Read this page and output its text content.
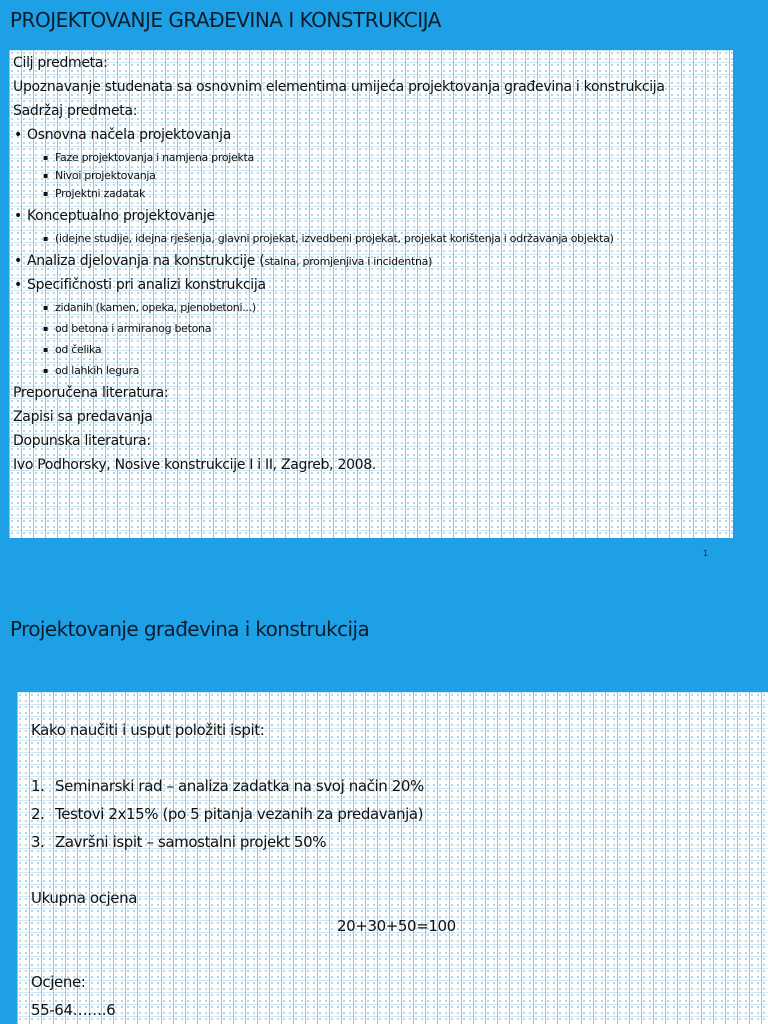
PROJEKTOVANJE GRAĐEVINA I KONSTRUKCIJA
Cilj predmeta:
Upoznavanje studenata sa osnovnim elementima umijeća projektovanja građevina i konstrukcija
Sadržaj predmeta:
• Osnovna načela projektovanja
▪ Faze projektovanja i namjena projekta
▪ Nivoi projektovanja
▪ Projektni zadatak
• Konceptualno projektovanje
▪ (idejne studije, idejna rješenja, glavni projekat, izvedbeni projekat, projekat korištenja i održavanja objekta)
• Analiza djelovanja na konstrukcije (stalna, promjenjiva i incidentna)
• Specifičnosti pri analizi konstrukcija
▪ zidanih (kamen, opeka, pjenobetoni...)
▪ od betona i armiranog betona
▪ od čelika
▪ od lahkih legura
Preporučena literatura:
Zapisi sa predavanja
Dopunska literatura:
Ivo Podhorsky, Nosive konstrukcije I i II, Zagreb, 2008.
1
Projektovanje građevina i konstrukcija
Kako naučiti i usput položiti ispit:
1. Seminarski rad – analiza zadatka na svoj način 20%
2. Testovi 2x15% (po 5 pitanja vezanih za predavanja)
3. Završni ispit – samostalni projekt 50%
Ukupna ocjena
20+30+50=100
Ocjene:
55-64…….6
